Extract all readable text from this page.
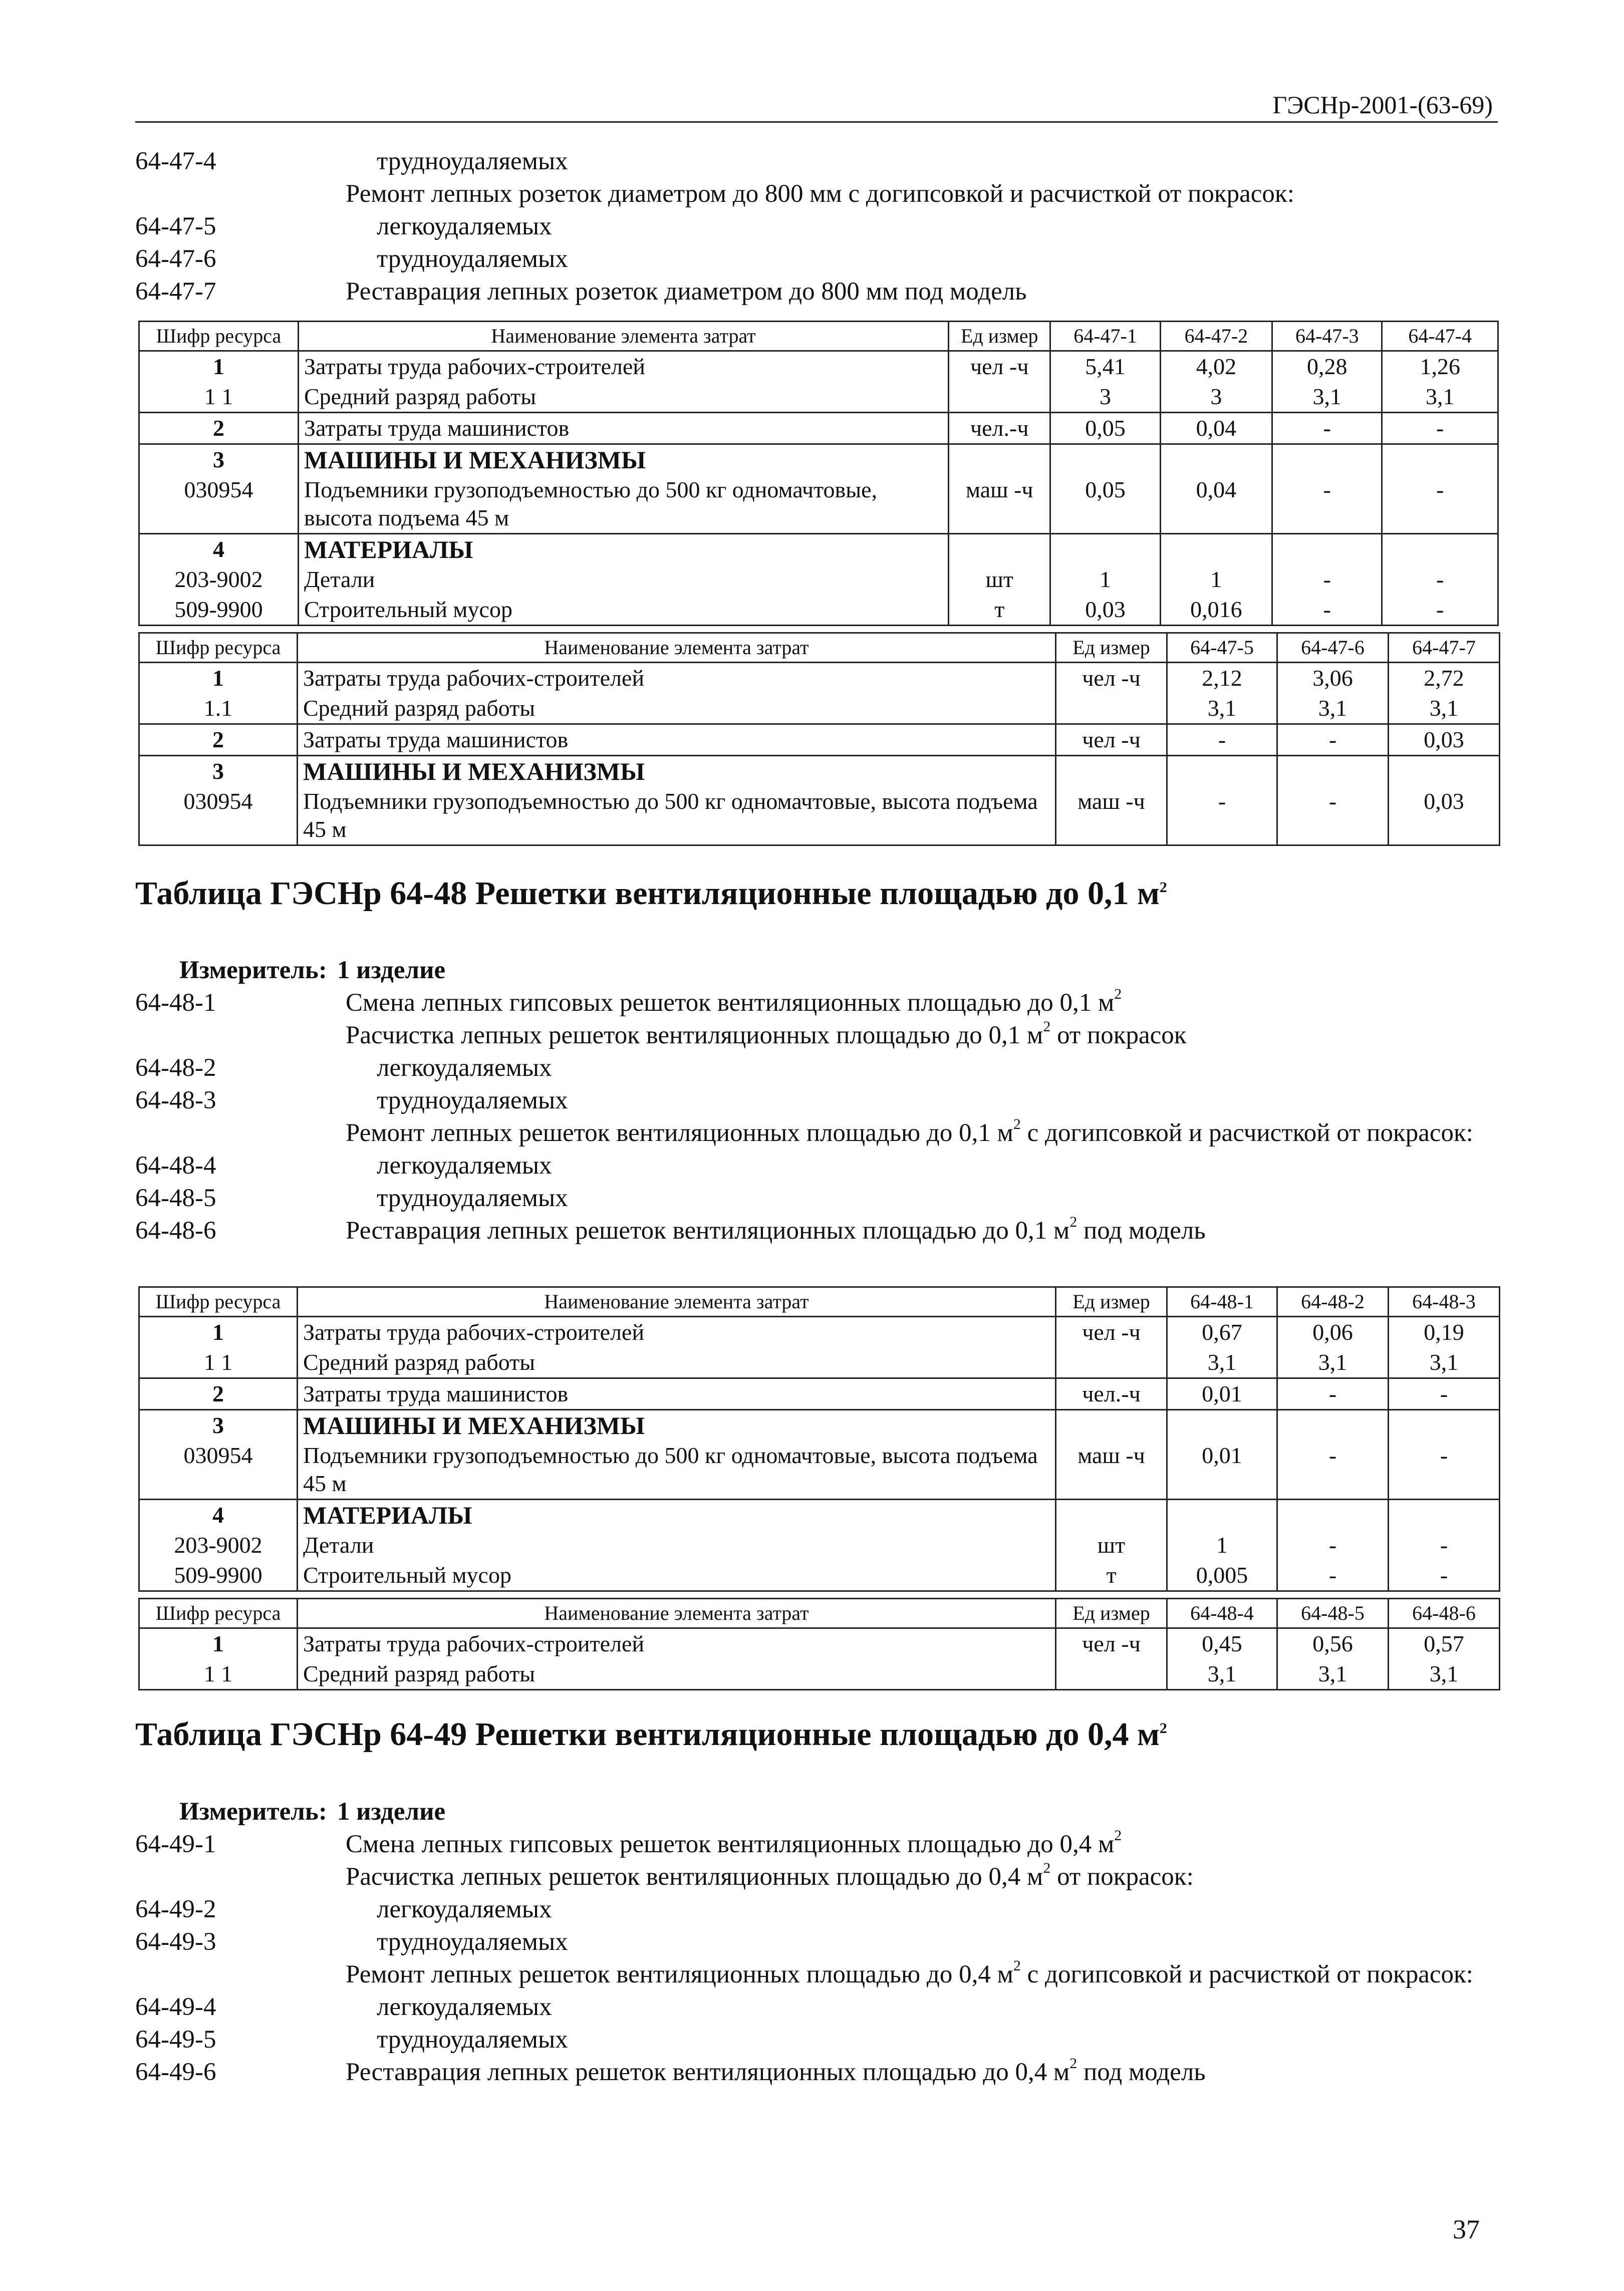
ГЭСНр-2001-(63-69)
64-47-4	трудноудаляемых
Ремонт лепных розеток диаметром до 800 мм с догипсовкой и расчисткой от покрасок:
64-47-5	легкоудаляемых
64-47-6	трудноудаляемых
64-47-7	Реставрация лепных розеток диаметром до 800 мм под модель
Шифр ресурса	Наименование элемента затрат	Ед измер	64-47-1	64-47-2	64-47-3	64-47-4
1	Затраты труда рабочих-строителей	чел -ч	5,41	4,02	0,28	1,26
1 1	Средний разряд работы		3	3	3,1	3,1
2	Затраты труда машинистов	чел.-ч	0,05	0,04	-	-
3	МАШИНЫ И МЕХАНИЗМЫ					
030954	Подъемники грузоподъемностью до 500 кг одномачтовые, высота подъема 45 м	маш -ч	0,05	0,04	-	-
4	МАТЕРИАЛЫ					
203-9002	Детали	шт	1	1	-	-
509-9900	Строительный мусор	т	0,03	0,016	-	-
Шифр ресурса	Наименование элемента затрат	Ед измер	64-47-5	64-47-6	64-47-7
1	Затраты труда рабочих-строителей	чел -ч	2,12	3,06	2,72
1.1	Средний разряд работы		3,1	3,1	3,1
2	Затраты труда машинистов	чел -ч	-	-	0,03
3	МАШИНЫ И МЕХАНИЗМЫ				
030954	Подъемники грузоподъемностью до 500 кг одномачтовые, высота подъема 45 м	маш -ч	-	-	0,03
Таблица ГЭСНр 64-48 Решетки вентиляционные площадью до 0,1 $м^2$
Измеритель: 1 изделие
64-48-1	Смена лепных гипсовых решеток вентиляционных площадью до 0,1 $м^2$
Расчистка лепных решеток вентиляционных площадью до 0,1 $м^2$ от покрасок
64-48-2	легкоудаляемых
64-48-3	трудноудаляемых
Ремонт лепных решеток вентиляционных площадью до 0,1 $м^2$ с догипсовкой и расчисткой от покрасок:
64-48-4	легкоудаляемых
64-48-5	трудноудаляемых
64-48-6	Реставрация лепных решеток вентиляционных площадью до 0,1 $м^2$ под модель
Шифр ресурса	Наименование элемента затрат	Ед измер	64-48-1	64-48-2	64-48-3
1	Затраты труда рабочих-строителей	чел -ч	0,67	0,06	0,19
1 1	Средний разряд работы		3,1	3,1	3,1
2	Затраты труда машинистов	чел.-ч	0,01	-	-
3	МАШИНЫ И МЕХАНИЗМЫ				
030954	Подъемники грузоподъемностью до 500 кг одномачтовые, высота подъема 45 м	маш -ч	0,01	-	-
4	МАТЕРИАЛЫ				
203-9002	Детали	шт	1	-	-
509-9900	Строительный мусор	т	0,005	-	-
Шифр ресурса	Наименование элемента затрат	Ед измер	64-48-4	64-48-5	64-48-6
1	Затраты труда рабочих-строителей	чел -ч	0,45	0,56	0,57
1 1	Средний разряд работы		3,1	3,1	3,1
Таблица ГЭСНр 64-49 Решетки вентиляционные площадью до 0,4 $м^2$
Измеритель: 1 изделие
64-49-1	Смена лепных гипсовых решеток вентиляционных площадью до 0,4 $м^2$
Расчистка лепных решеток вентиляционных площадью до 0,4 $м^2$ от покрасок:
64-49-2	легкоудаляемых
64-49-3	трудноудаляемых
Ремонт лепных решеток вентиляционных площадью до 0,4 $м^2$ с догипсовкой и расчисткой от покрасок:
64-49-4	легкоудаляемых
64-49-5	трудноудаляемых
64-49-6	Реставрация лепных решеток вентиляционных площадью до 0,4 $м^2$ под модель
37
